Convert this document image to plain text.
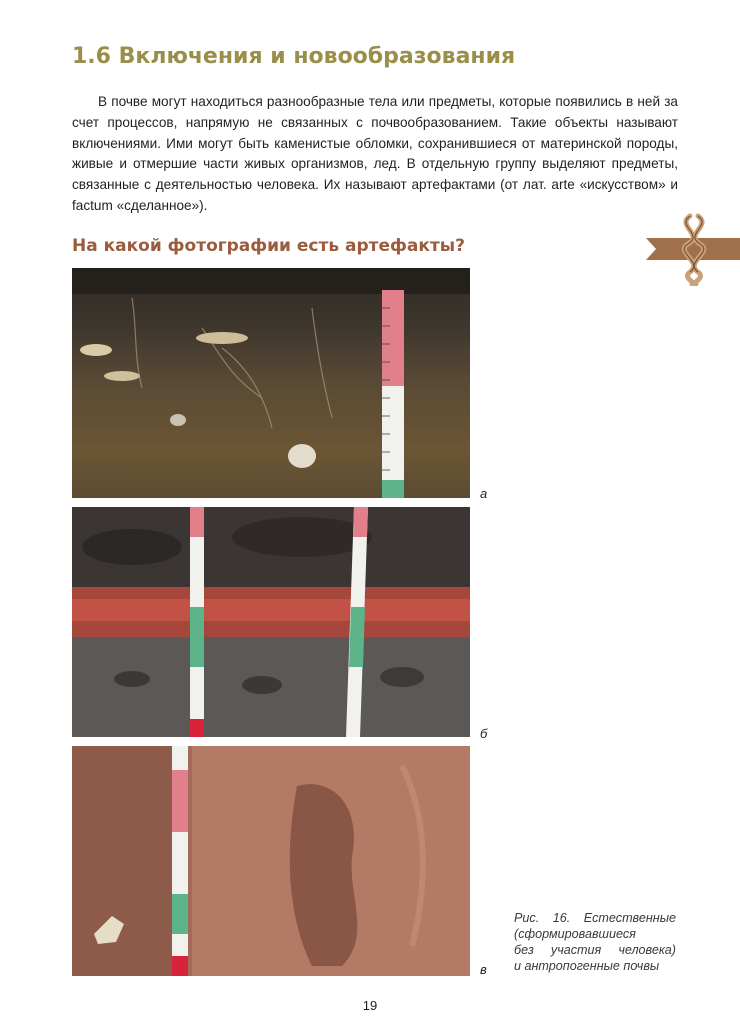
1.6 Включения и новообразования

В почве могут находиться разнообразные тела или предметы, которые появились в ней за счет процессов, напрямую не связанных с почвообразованием. Такие объекты называют включениями. Ими могут быть каменистые обломки, сохранившиеся от материнской породы, живые и отмершие части живых организмов, лед. В отдельную группу выделяют предметы, связанные с деятельностью человека. Их называют артефактами (от лат. arte «искусством» и factum «сделанное»).

На какой фотографии есть артефакты?
а
б
в
Рис. 16. Естественные
(сформировавшиеся
без участия человека)
и антропогенные почвы
19
